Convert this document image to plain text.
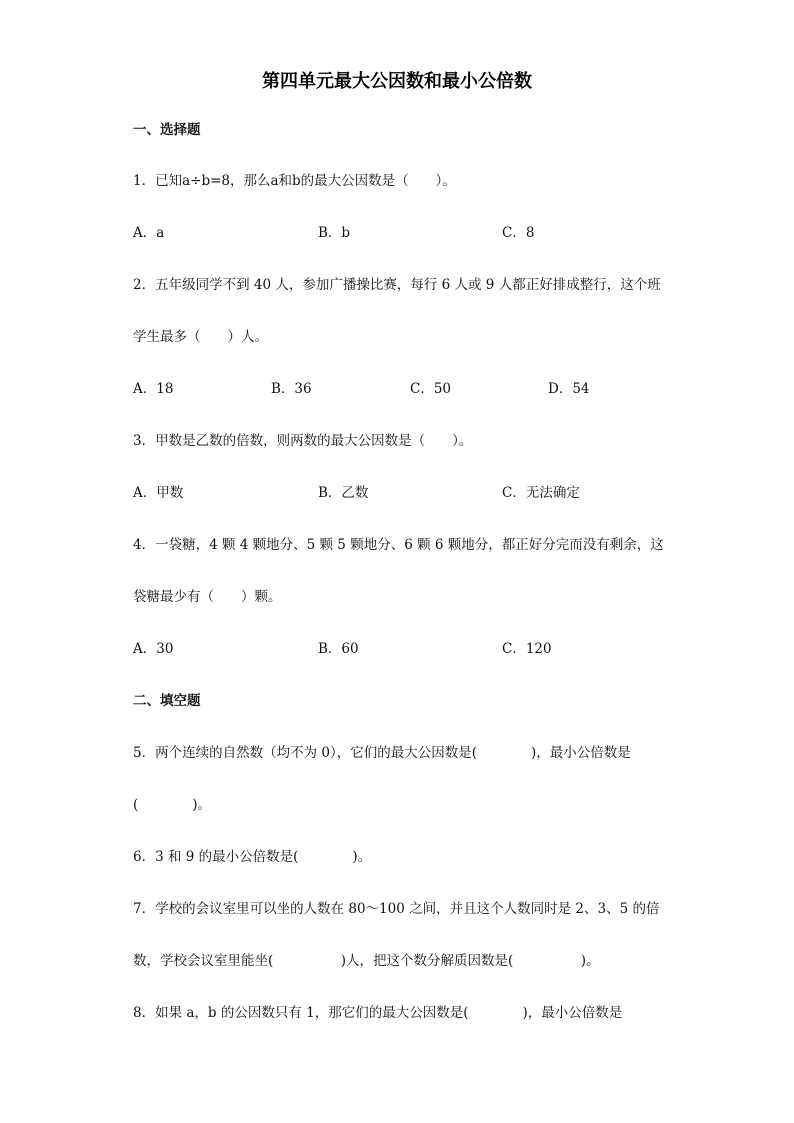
第四单元最大公因数和最小公倍数
一、选择题
1．已知a÷b=8，那么a和b的最大公因数是（　　）。
A．a	B．b	C．8
2．五年级同学不到 40 人，参加广播操比赛，每行 6 人或 9 人都正好排成整行，这个班
学生最多（　　）人。
A．18	B．36	C．50	D．54
3．甲数是乙数的倍数，则两数的最大公因数是（　　）。
A．甲数	B．乙数	C．无法确定
4．一袋糖，4 颗 4 颗地分、5 颗 5 颗地分、6 颗 6 颗地分，都正好分完而没有剩余，这
袋糖最少有（　　）颗。
A．30	B．60	C．120
二、填空题
5．两个连续的自然数（均不为 0），它们的最大公因数是(　　　　)，最小公倍数是
(　　　　)。
6．3 和 9 的最小公倍数是(　　　　)。
7．学校的会议室里可以坐的人数在 80～100 之间，并且这个人数同时是 2、3、5 的倍
数，学校会议室里能坐(　　　　　)人，把这个数分解质因数是(　　　　　)。
8．如果 a，b 的公因数只有 1，那它们的最大公因数是(　　　　)，最小公倍数是
